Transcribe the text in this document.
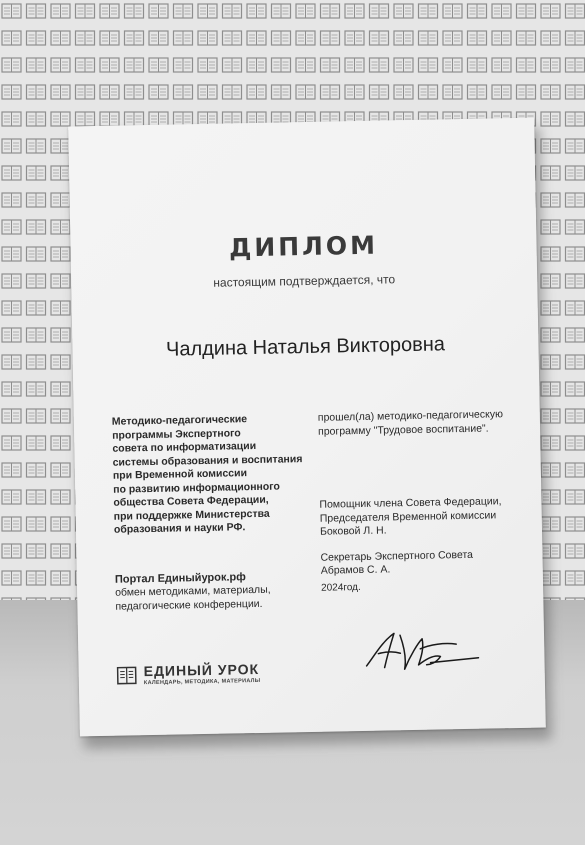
ДИПЛОМ
настоящим подтверждается, что
Чалдина Наталья Викторовна
Методико-педагогические
программы Экспертного
совета по информатизации
системы образования и воспитания
при Временной комиссии
по развитию информационного
общества Совета Федерации,
при поддержке Министерства
образования и науки РФ.
Портал Единыйурок.рф
обмен методиками, материалы,
педагогические конференции.
прошел(ла) методико-педагогическую
программу "Трудовое воспитание".
Помощник члена Совета Федерации,
Председателя Временной комиссии
Боковой Л. Н.
Секретарь Экспертного Совета
Абрамов С. А.
2024год.
ЕДИНЫЙ УРОК
КАЛЕНДАРЬ, МЕТОДИКА, МАТЕРИАЛЫ
